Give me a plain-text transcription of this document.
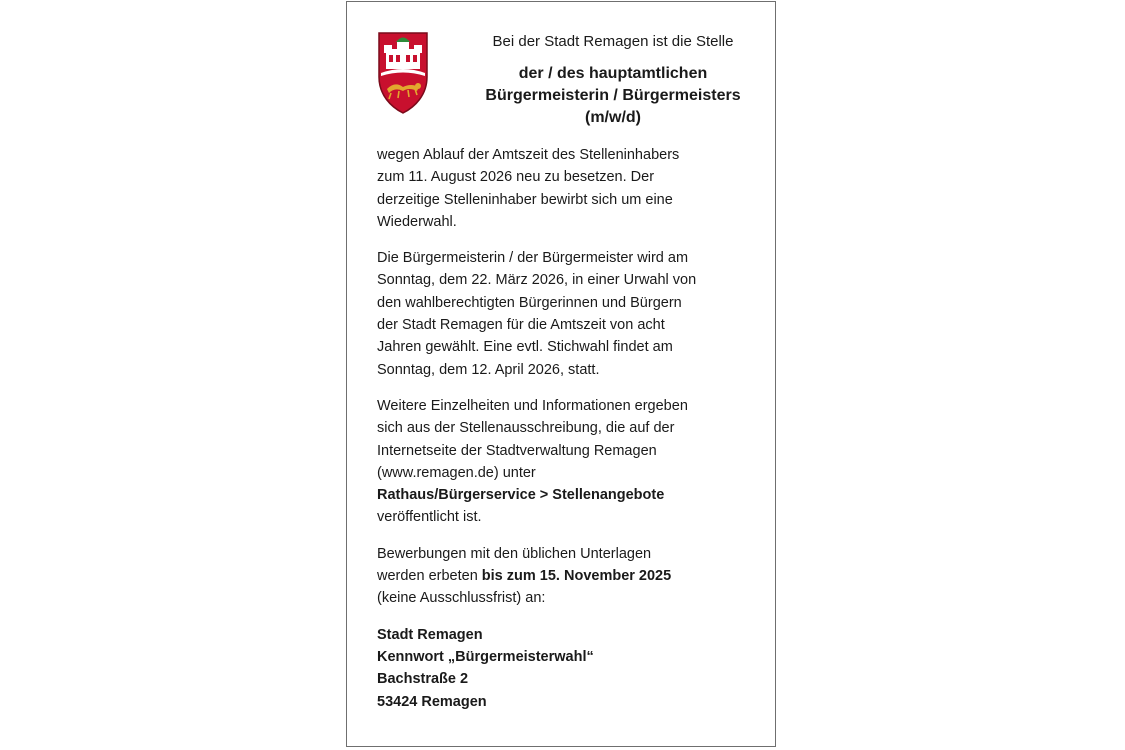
Bei der Stadt Remagen ist die Stelle
der / des hauptamtlichen
Bürgermeisterin / Bürgermeisters
(m/w/d)

wegen Ablauf der Amtszeit des Stelleninhabers
zum 11. August 2026 neu zu besetzen. Der
derzeitige Stelleninhaber bewirbt sich um eine
Wiederwahl.

Die Bürgermeisterin / der Bürgermeister wird am
Sonntag, dem 22. März 2026, in einer Urwahl von
den wahlberechtigten Bürgerinnen und Bürgern
der Stadt Remagen für die Amtszeit von acht
Jahren gewählt. Eine evtl. Stichwahl findet am
Sonntag, dem 12. April 2026, statt.

Weitere Einzelheiten und Informationen ergeben
sich aus der Stellenausschreibung, die auf der
Internetseite der Stadtverwaltung Remagen
(www.remagen.de) unter
Rathaus/Bürgerservice > Stellenangebote
veröffentlicht ist.

Bewerbungen mit den üblichen Unterlagen
werden erbeten bis zum 15. November 2025
(keine Ausschlussfrist) an:

Stadt Remagen
Kennwort „Bürgermeisterwahl“
Bachstraße 2
53424 Remagen
